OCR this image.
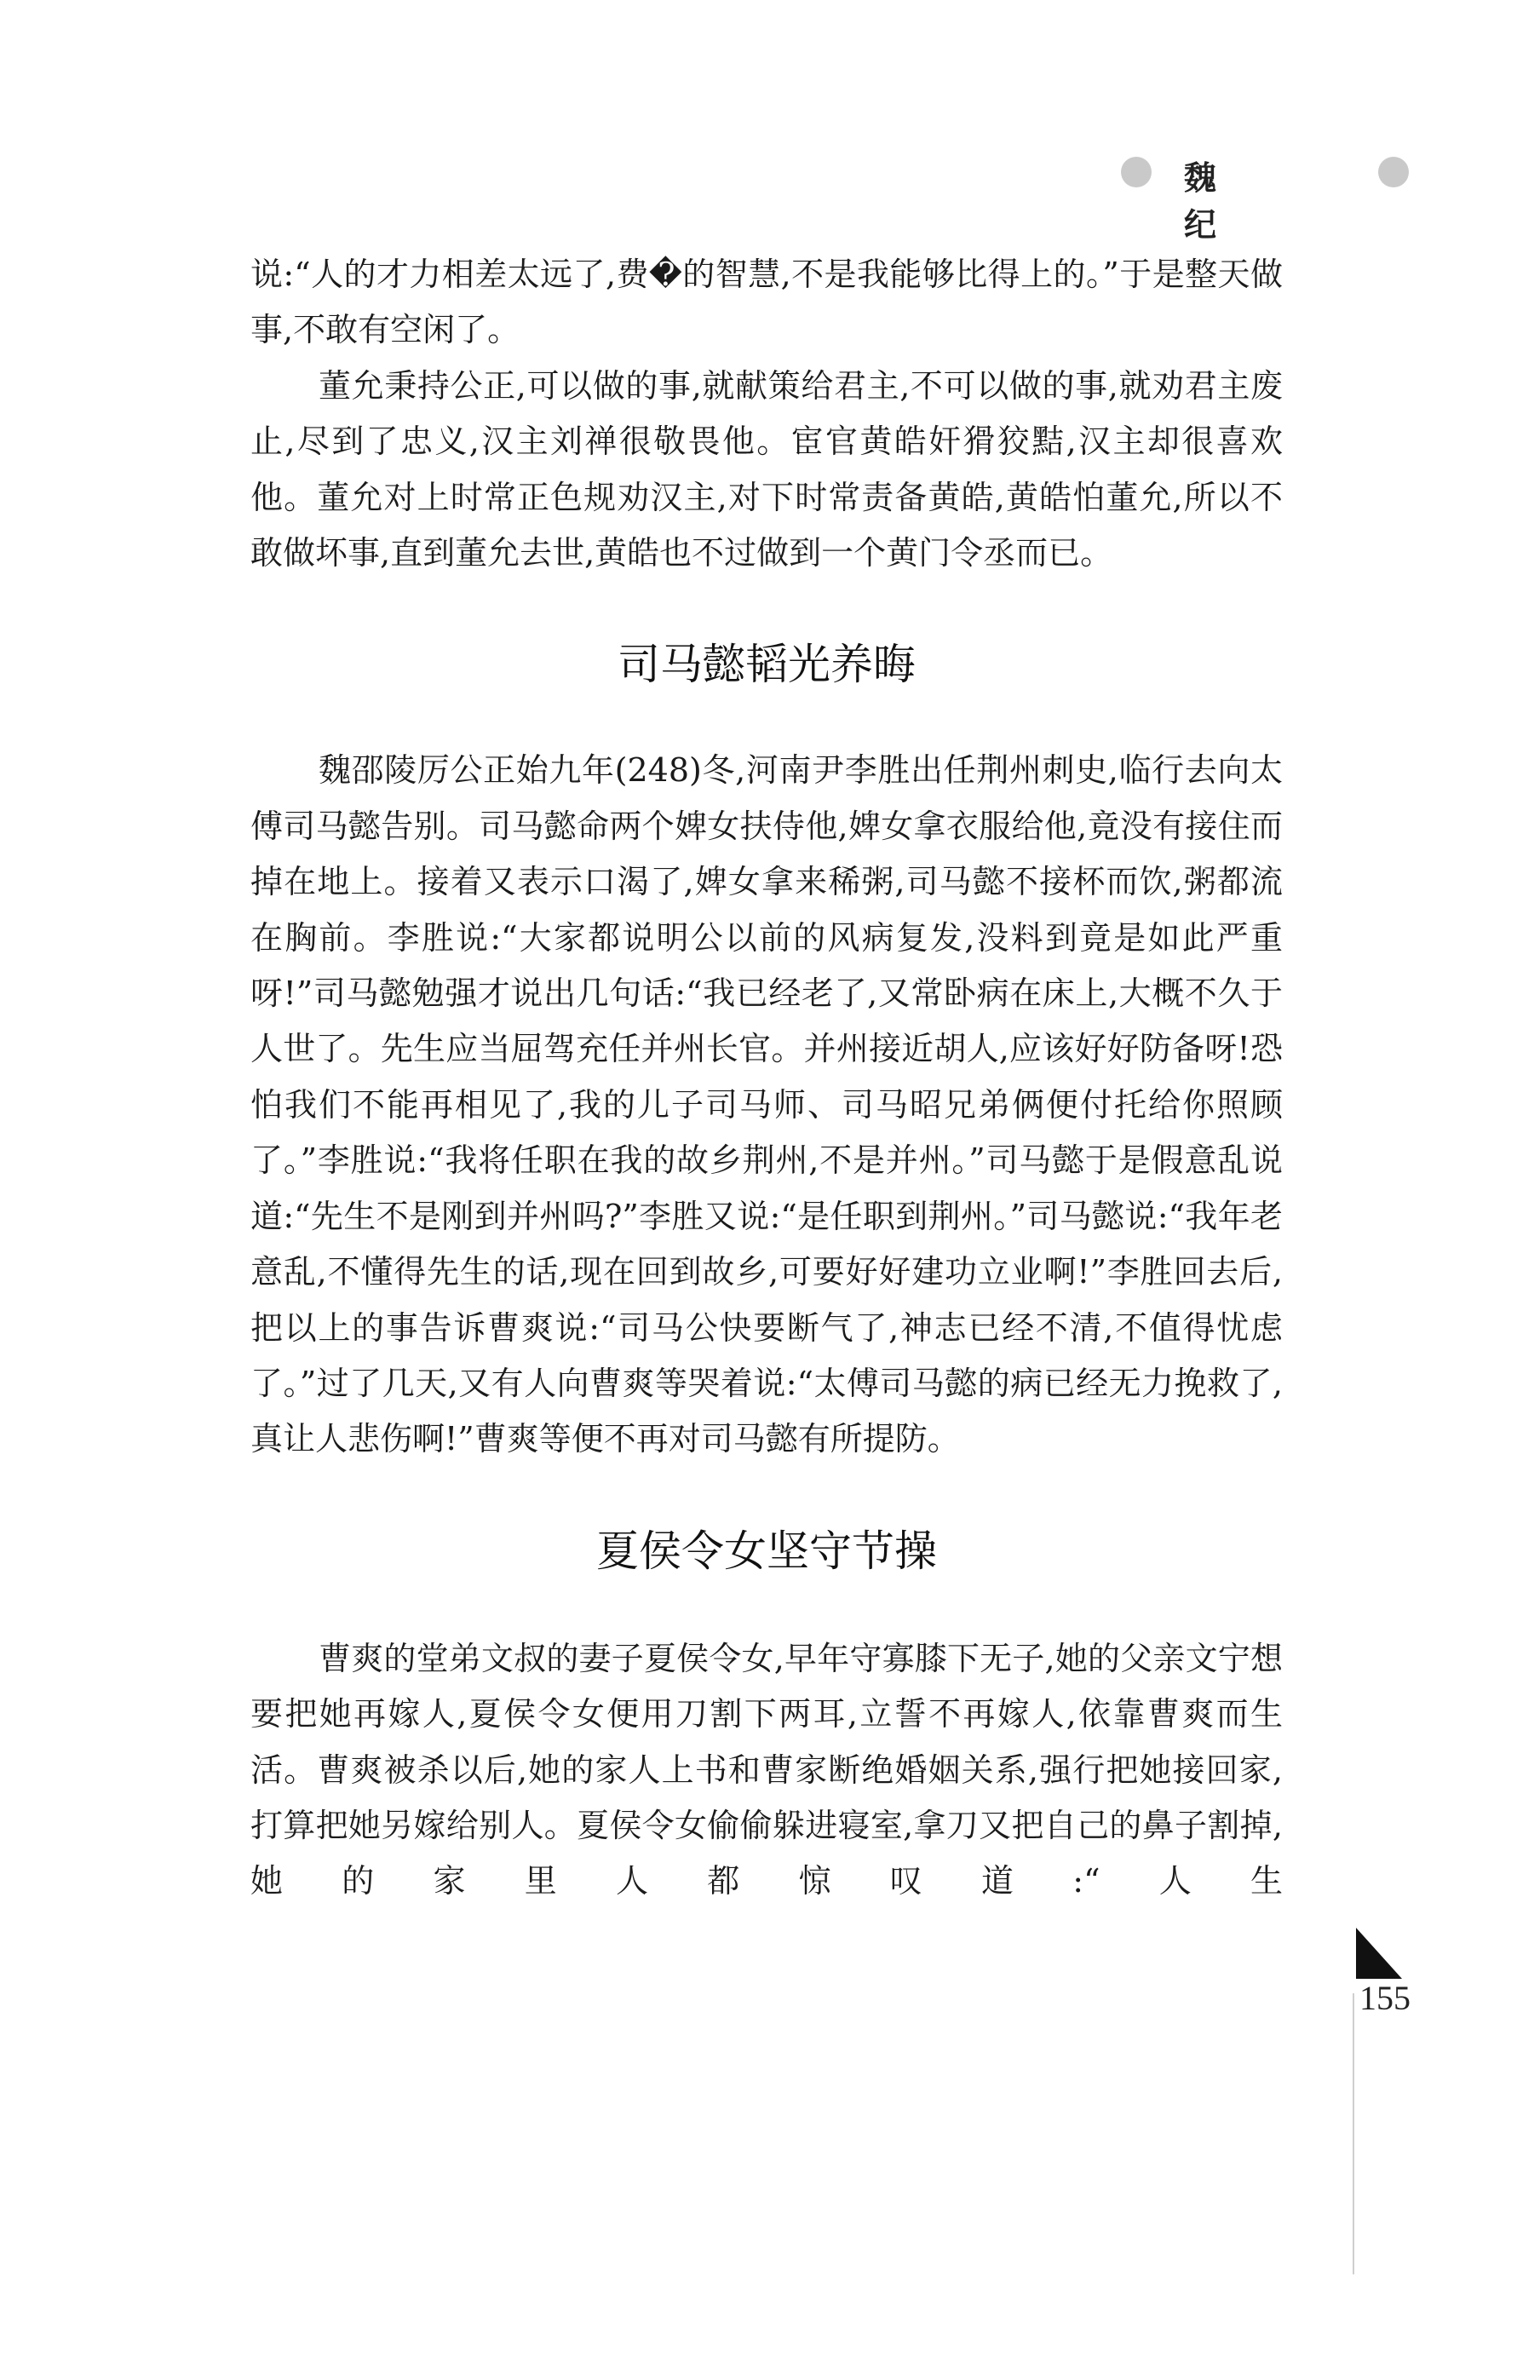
魏纪

说:“人的才力相差太远了,费�的智慧,不是我能够比得上的。”于是整天做事,不敢有空闲了。

董允秉持公正,可以做的事,就献策给君主,不可以做的事,就劝君主废止,尽到了忠义,汉主刘禅很敬畏他。宦官黄皓奸猾狡黠,汉主却很喜欢他。董允对上时常正色规劝汉主,对下时常责备黄皓,黄皓怕董允,所以不敢做坏事,直到董允去世,黄皓也不过做到一个黄门令丞而已。

司马懿韬光养晦

魏邵陵厉公正始九年(248)冬,河南尹李胜出任荆州刺史,临行去向太傅司马懿告别。司马懿命两个婢女扶侍他,婢女拿衣服给他,竟没有接住而掉在地上。接着又表示口渴了,婢女拿来稀粥,司马懿不接杯而饮,粥都流在胸前。李胜说:“大家都说明公以前的风病复发,没料到竟是如此严重呀!”司马懿勉强才说出几句话:“我已经老了,又常卧病在床上,大概不久于人世了。先生应当屈驾充任并州长官。并州接近胡人,应该好好防备呀!恐怕我们不能再相见了,我的儿子司马师、司马昭兄弟俩便付托给你照顾了。”李胜说:“我将任职在我的故乡荆州,不是并州。”司马懿于是假意乱说道:“先生不是刚到并州吗?”李胜又说:“是任职到荆州。”司马懿说:“我年老意乱,不懂得先生的话,现在回到故乡,可要好好建功立业啊!”李胜回去后,把以上的事告诉曹爽说:“司马公快要断气了,神志已经不清,不值得忧虑了。”过了几天,又有人向曹爽等哭着说:“太傅司马懿的病已经无力挽救了,真让人悲伤啊!”曹爽等便不再对司马懿有所提防。

夏侯令女坚守节操

曹爽的堂弟文叔的妻子夏侯令女,早年守寡膝下无子,她的父亲文宁想要把她再嫁人,夏侯令女便用刀割下两耳,立誓不再嫁人,依靠曹爽而生活。曹爽被杀以后,她的家人上书和曹家断绝婚姻关系,强行把她接回家,打算把她另嫁给别人。夏侯令女偷偷躲进寝室,拿刀又把自己的鼻子割掉,她的家里人都惊叹道:“人生

155
